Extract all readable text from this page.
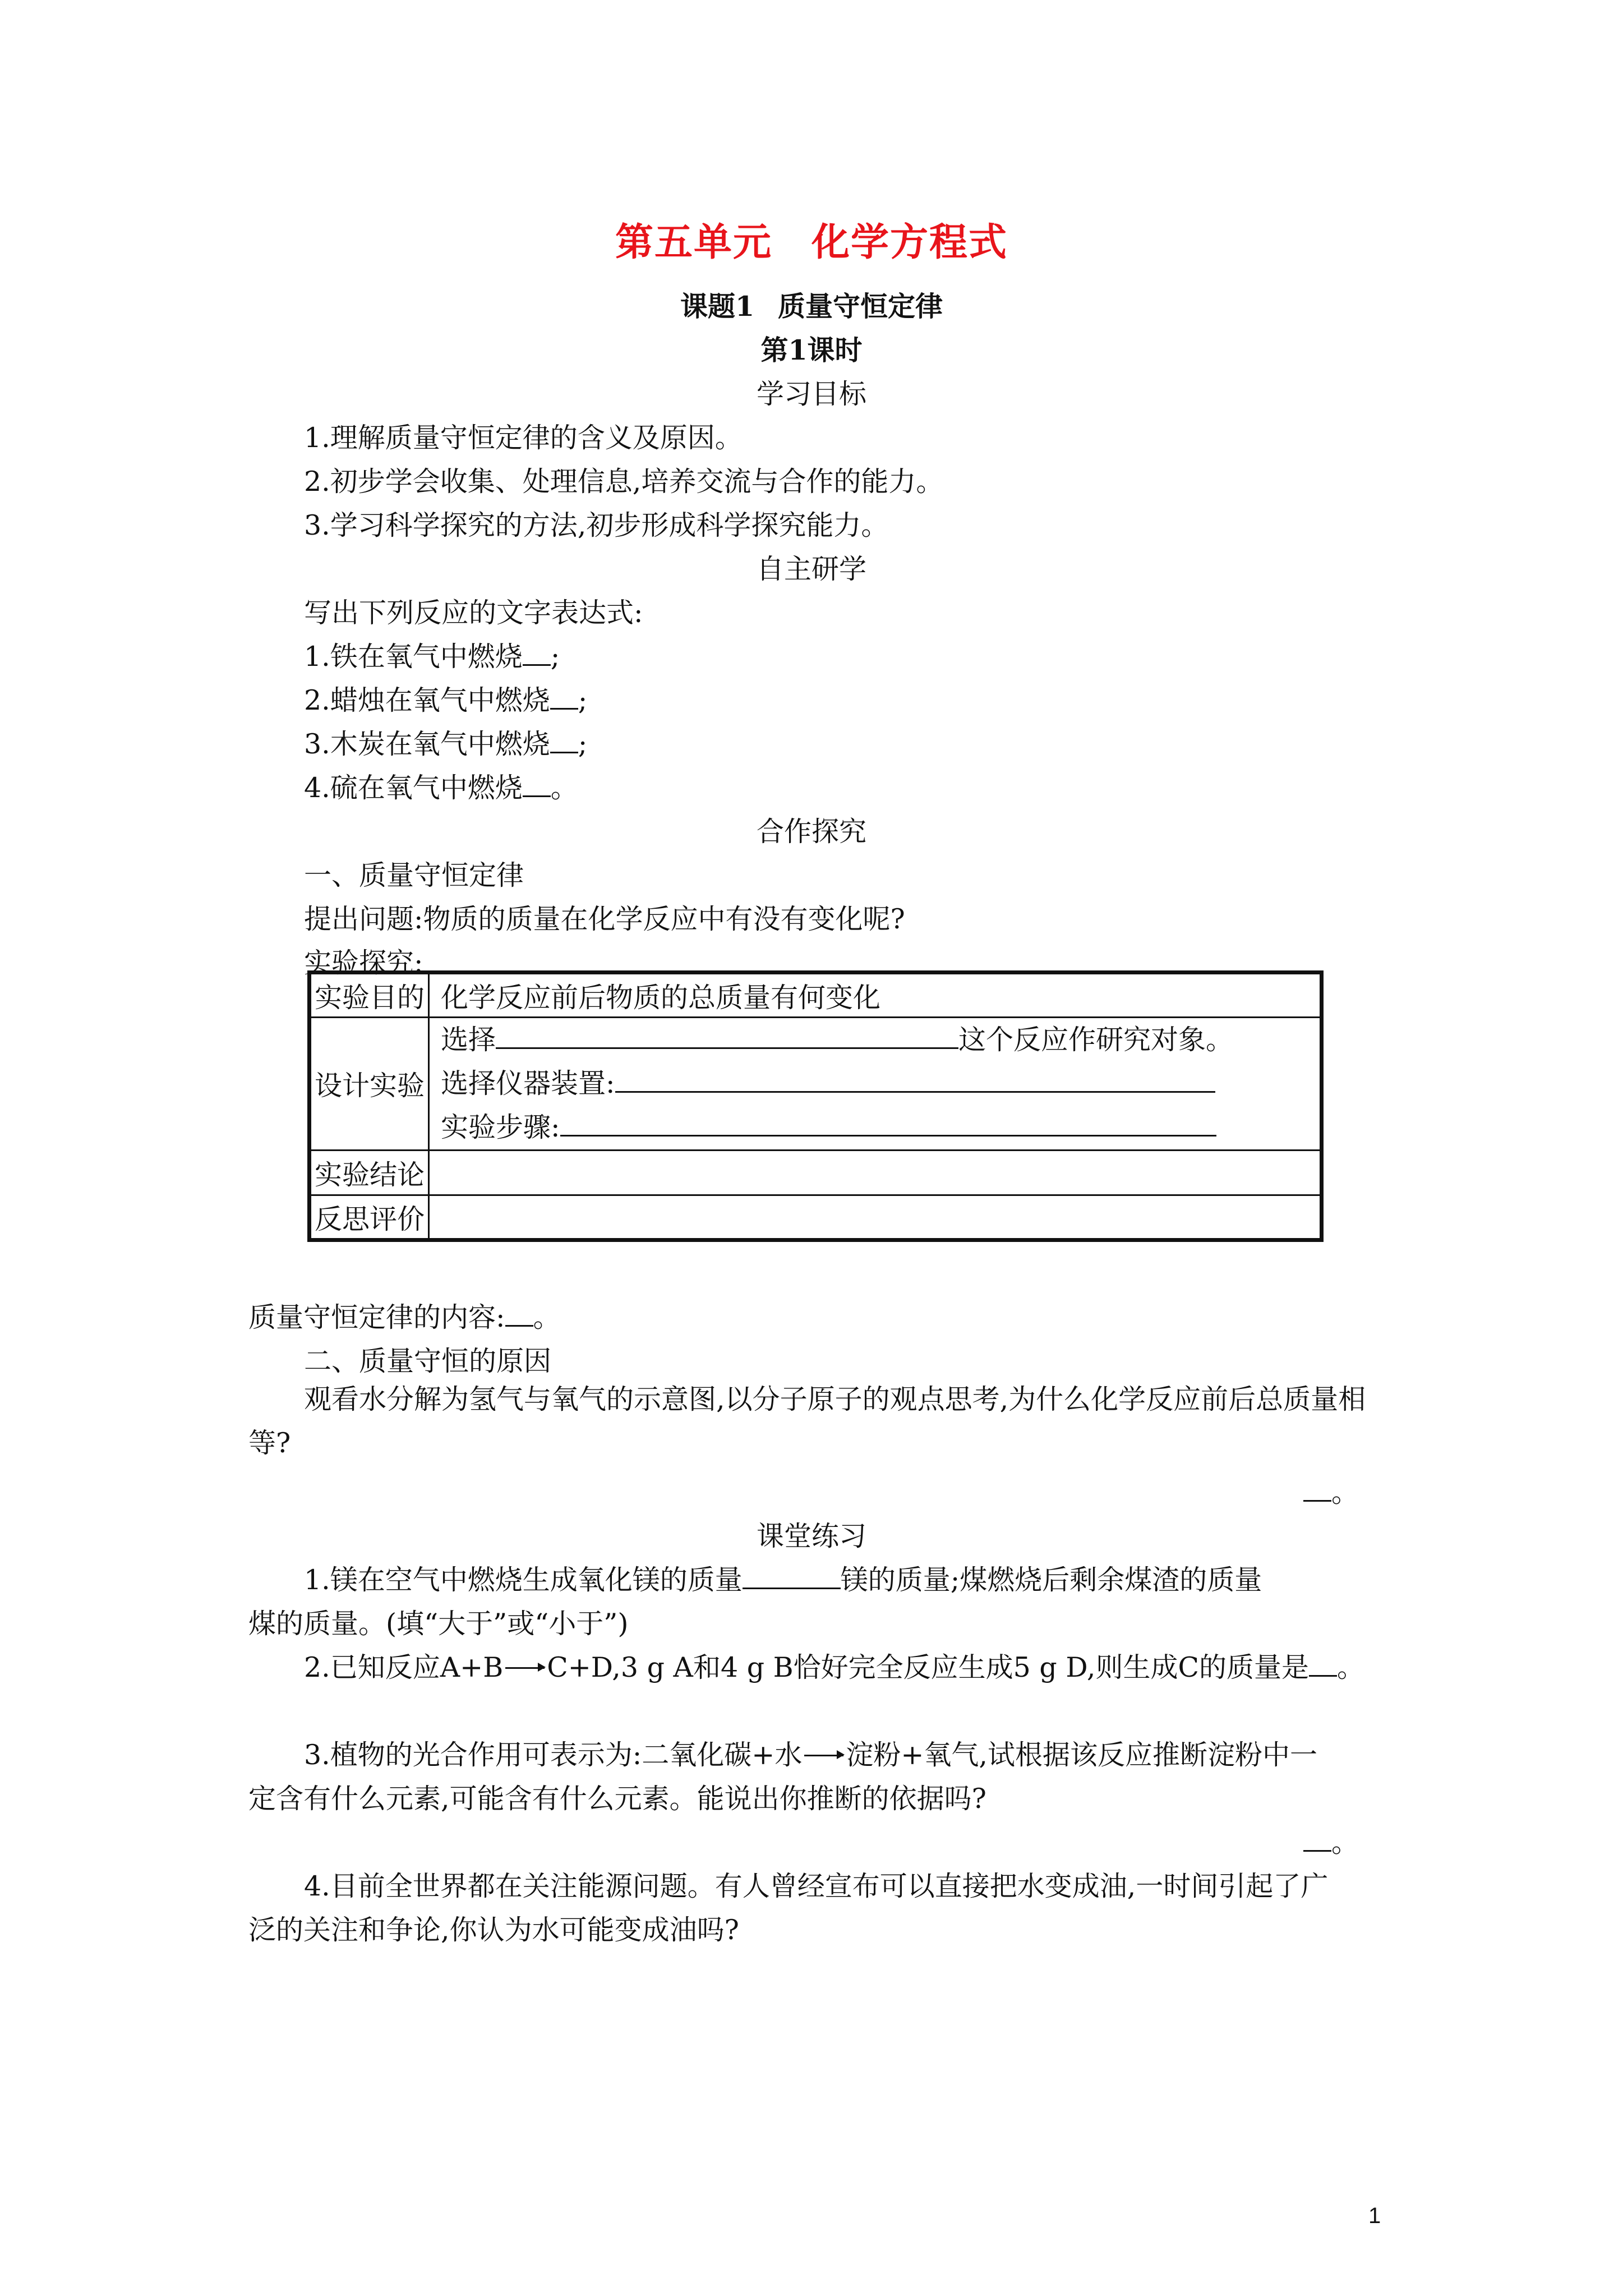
第五单元 化学方程式
课题1 质量守恒定律
第1课时
学习目标
1.理解质量守恒定律的含义及原因。
2.初步学会收集、处理信息,培养交流与合作的能力。
3.学习科学探究的方法,初步形成科学探究能力。
自主研学
写出下列反应的文字表达式:
1.铁在氧气中燃烧 ;
2.蜡烛在氧气中燃烧 ;
3.木炭在氧气中燃烧 ;
4.硫在氧气中燃烧 。
合作探究
一、质量守恒定律
提出问题:物质的质量在化学反应中有没有变化呢?
实验探究:
实验目的	化学反应前后物质的总质量有何变化
设计实验	选择 这个反应作研究对象。
选择仪器装置:
实验步骤:

实验结论	
反思评价	
质量守恒定律的内容: 。
二、质量守恒的原因
观看水分解为氢气与氧气的示意图,以分子原子的观点思考,为什么化学反应前后总质量相等?
。
课堂练习
1.镁在空气中燃烧生成氧化镁的质量	镁的质量;煤燃烧后剩余煤渣的质量
煤的质量。(填“大于”或“小于”)
2.已知反应A+B C+D,3 g A和4 g B恰好完全反应生成5 g D,则生成C的质量是 。
3.植物的光合作用可表示为:二氧化碳+水 淀粉+氧气,试根据该反应推断淀粉中一
定含有什么元素,可能含有什么元素。能说出你推断的依据吗?
。
4.目前全世界都在关注能源问题。有人曾经宣布可以直接把水变成油,一时间引起了广
泛的关注和争论,你认为水可能变成油吗?
1
